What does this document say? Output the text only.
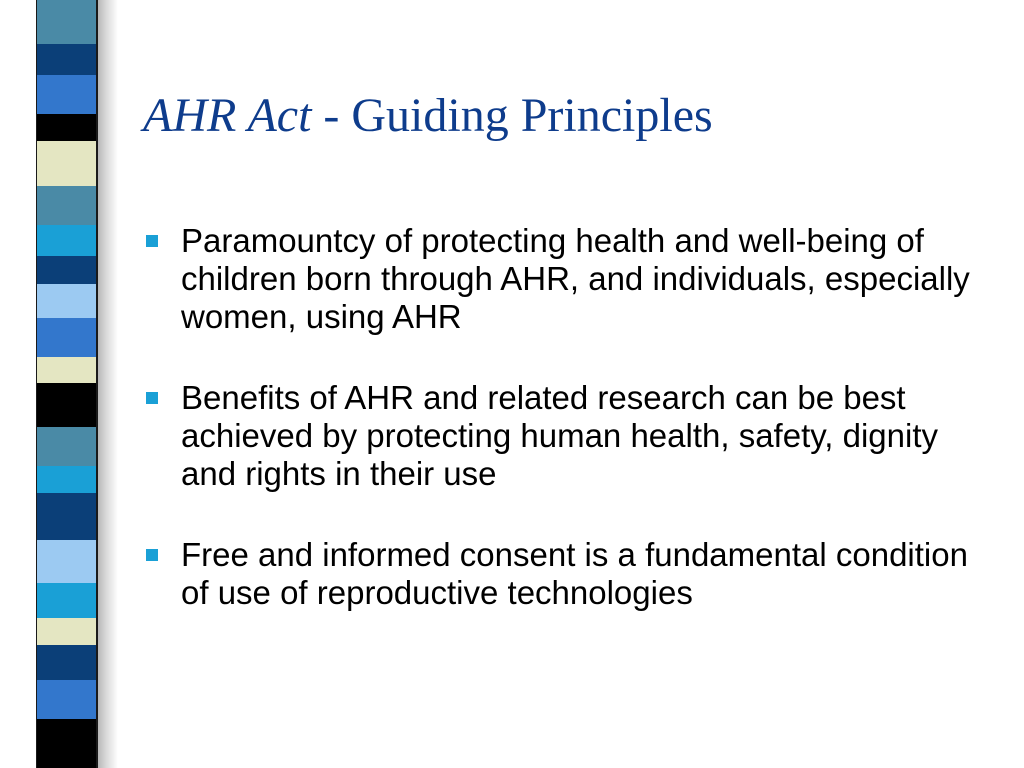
AHR Act - Guiding Principles
Paramountcy of protecting health and well-being of children born through AHR, and individuals, especially women, using AHR
Benefits of AHR and related research can be best achieved by protecting human health, safety, dignity and rights in their use
Free and informed consent is a fundamental condition of use of reproductive technologies
